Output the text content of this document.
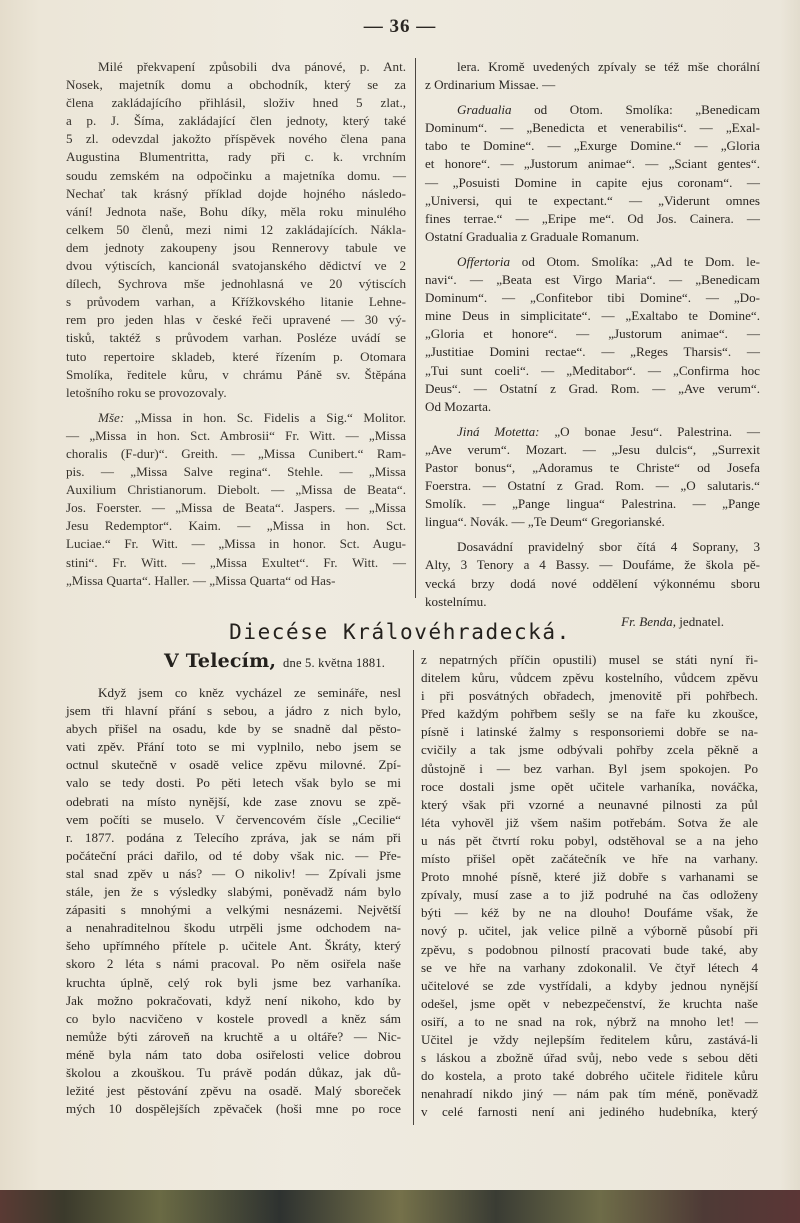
— 36 —

Milé překvapení způsobili dva pánové, p. Ant.
Nosek, majetník domu a obchodník, který se za
člena zakládajícího přihlásil, složiv hned 5 zlat.,
a p. J. Šíma, zakládající člen jednoty, který také
5 zl. odevzdal jakožto příspěvek nového člena pana
Augustina Blumentritta, rady při c. k. vrchním
soudu zemském na odpočinku a majetníka domu. —
Nechať tak krásný příklad dojde hojného následo-
vání! Jednota naše, Bohu díky, měla roku minulého
celkem 50 členů, mezi nimi 12 zakládajících. Nákla-
dem jednoty zakoupeny jsou Rennerovy tabule ve
dvou výtiscích, kancionál svatojanského dědictví ve 2
dílech, Sychrova mše jednohlasná ve 20 výtiscích
s průvodem varhan, a Křížkovského litanie Lehne-
rem pro jeden hlas v české řeči upravené — 30 vý-
tisků, taktéž s průvodem varhan. Posléze uvádí se
tuto repertoire skladeb, které řízením p. Otomara
Smolíka, ředitele kůru, v chrámu Páně sv. Štěpána
letošního roku se provozovaly.

Mše: „Missa in hon. Sc. Fidelis a Sig.“ Molitor.
— „Missa in hon. Sct. Ambrosii“ Fr. Witt. — „Missa
choralis (F-dur)“. Greith. — „Missa Cunibert.“ Ram-
pis. — „Missa Salve regina“. Stehle. — „Missa
Auxilium Christianorum. Diebolt. — „Missa de Beata“.
Jos. Foerster. — „Missa de Beata“. Jaspers. — „Missa
Jesu Redemptor“. Kaim. — „Missa in hon. Sct.
Luciae.“ Fr. Witt. — „Missa in honor. Sct. Augu-
stini“. Fr. Witt. — „Missa Exultet“. Fr. Witt. —
„Missa Quarta“. Haller. — „Missa Quarta“ od Has-

lera. Kromě uvedených zpívaly se též mše chorální
z Ordinarium Missae. —

Gradualia od Otom. Smolíka: „Benedicam
Dominum“. — „Benedicta et venerabilis“. — „Exal-
tabo te Domine“. — „Exurge Domine.“ — „Gloria
et honore“. — „Justorum animae“. — „Sciant gentes“.
— „Posuisti Domine in capite ejus coronam“. —
„Universi, qui te expectant.“ — „Viderunt omnes
fines terrae.“ — „Eripe me“. Od Jos. Cainera. —
Ostatní Gradualia z Graduale Romanum.

Offertoria od Otom. Smolíka: „Ad te Dom. le-
navi“. — „Beata est Virgo Maria“. — „Benedicam
Dominum“. — „Confitebor tibi Domine“. — „Do-
mine Deus in simplicitate“. — „Exaltabo te Domine“.
„Gloria et honore“. — „Justorum animae“. —
„Justitiae Domini rectae“. — „Reges Tharsis“. —
„Tui sunt coeli“. — „Meditabor“. — „Confirma hoc
Deus“. — Ostatní z Grad. Rom. — „Ave verum“.
Od Mozarta.

Jiná Motetta: „O bonae Jesu“. Palestrina. —
„Ave verum“. Mozart. — „Jesu dulcis“, „Surrexit
Pastor bonus“, „Adoramus te Christe“ od Josefa
Foerstra. — Ostatní z Grad. Rom. — „O salutaris.“
Smolík. — „Pange lingua“ Palestrina. — „Pange
lingua“. Novák. — „Te Deum“ Gregorianské.

Dosavádní pravidelný sbor čítá 4 Soprany, 3
Alty, 3 Tenory a 4 Bassy. — Doufáme, že škola pě-
vecká brzy dodá nové oddělení výkonnému sboru
kostelnímu.

Fr. Benda, jednatel.
Diecése Královéhradecká.
V Telecím, dne 5. května 1881.

Když jsem co kněz vycházel ze semináře, nesl
jsem tři hlavní přání s sebou, a jádro z nich bylo,
abych přišel na osadu, kde by se snadně dal pěsto-
vati zpěv. Přání toto se mi vyplnilo, nebo jsem se
octnul skutečně v osadě velice zpěvu milovné. Zpí-
valo se tedy dosti. Po pěti letech však bylo se mi
odebrati na místo nynější, kde zase znovu se zpě-
vem počíti se muselo. V červencovém čísle „Cecilie“
r. 1877. podána z Telecího zpráva, jak se nám při
počáteční práci dařilo, od té doby však nic. — Pře-
stal snad zpěv u nás? — O nikoliv! — Zpívali jsme
stále, jen že s výsledky slabými, poněvadž nám bylo
zápasiti s mnohými a velkými nesnázemi. Největší
a nenahraditelnou škodu utrpěli jsme odchodem na-
šeho upřímného přítele p. učitele Ant. Škráty, který
skoro 2 léta s námi pracoval. Po něm osiřela naše
kruchta úplně, celý rok byli jsme bez varhaníka.
Jak možno pokračovati, když není nikoho, kdo by
co bylo nacvičeno v kostele provedl a kněz sám
nemůže býti zároveň na kruchtě a u oltáře? — Nic-
méně byla nám tato doba osiřelosti velice dobrou
školou a zkouškou. Tu právě podán důkaz, jak dů-
ležité jest pěstování zpěvu na osadě. Malý sboreček
mých 10 dospělejších zpěvaček (hoši mne po roce

z nepatrných příčin opustili) musel se státi nyní ři-
ditelem kůru, vůdcem zpěvu kostelního, vůdcem zpěvu
i při posvátných obřadech, jmenovitě při pohřbech.
Před každým pohřbem sešly se na faře ku zkoušce,
písně i latinské žalmy s responsoriemi dobře se na-
cvičily a tak jsme odbývali pohřby zcela pěkně a
důstojně i — bez varhan. Byl jsem spokojen. Po
roce dostali jsme opět učitele varhaníka, nováčka,
který však při vzorné a neunavné pilnosti za půl
léta vyhověl již všem našim potřebám. Sotva že ale
u nás pět čtvrtí roku pobyl, odstěhoval se a na jeho
místo přišel opět začátečník ve hře na varhany.
Proto mnohé písně, které již dobře s varhanami se
zpívaly, musí zase a to již podruhé na čas odloženy
býti — kéž by ne na dlouho! Doufáme však, že
nový p. učitel, jak velice pilně a výborně působí při
zpěvu, s podobnou pilností pracovati bude také, aby
se ve hře na varhany zdokonalil. Ve čtyř létech 4
učitelové se zde vystřídali, a kdyby jednou nynější
odešel, jsme opět v nebezpečenství, že kruchta naše
osiří, a to ne snad na rok, nýbrž na mnoho let! —
Učitel je vždy nejlepším ředitelem kůru, zastává-li
s láskou a zbožně úřad svůj, nebo vede s sebou děti
do kostela, a proto také dobrého učitele řiditele kůru
nenahradí nikdo jiný — nám pak tím méně, poněvadž
v celé farnosti není ani jediného hudebníka, který
